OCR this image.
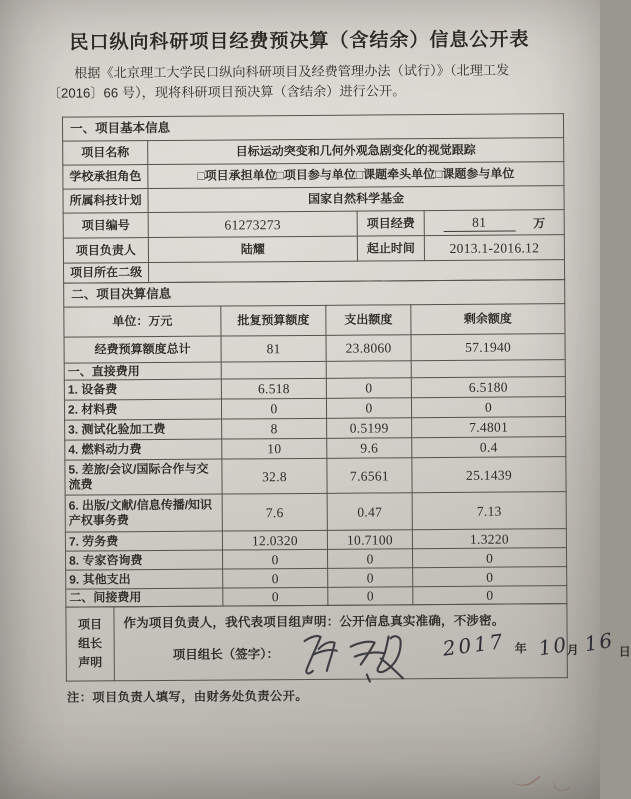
民口纵向科研项目经费预决算（含结余）信息公开表
根据《北京理工大学民口纵向科研项目及经费管理办法（试行）》（北理工发
〔2016〕66 号），现将科研项目预决算（含结余）进行公开。
一、项目基本信息			
项目名称	目标运动突变和几何外观急剧变化的视觉跟踪		
学校承担角色	□项目承担单位□项目参与单位□课题牵头单位□课题参与单位		
所属科技计划	国家自然科学基金		
项目编号	61273273	项目经费	81 万

项目负责人	陆耀	起止时间	2013.1-2016.12
项目所在二级			
二、项目决算信息			
单位：万元	批复预算额度	支出额度	剩余额度
经费预算额度总计	81	23.8060	57.1940
一、直接费用			
1. 设备费	6.518	0	6.5180
2. 材料费	0	0	0
3. 测试化验加工费	8	0.5199	7.4801
4. 燃料动力费	10	9.6	0.4
5. 差旅/会议/国际合作与交流费	32.8	7.6561	25.1439
6. 出版/文献/信息传播/知识产权事务费	7.6	0.47	7.13
7. 劳务费	12.0320	10.7100	1.3220
8. 专家咨询费	0	0	0
9. 其他支出	0	0	0
二、间接费用	0	0	0
项目
组长
声明

作为项目负责人，我代表项目组声明：公开信息真实准确，不涉密。
项目组长（签字）：	2017 年 10
月 16 日
注：项目负责人填写，由财务处负责公开。
